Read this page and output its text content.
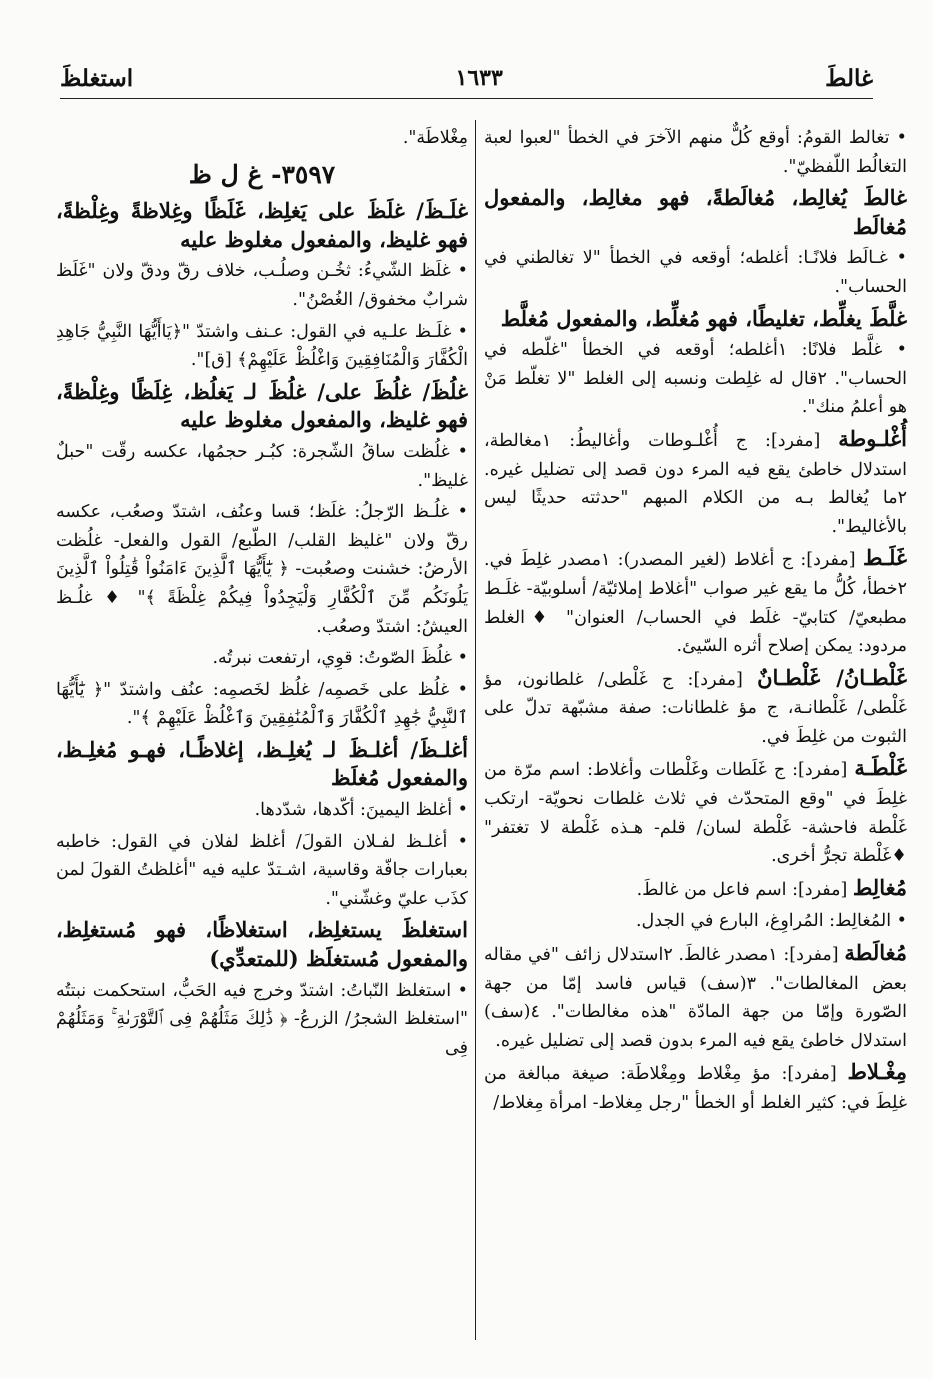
غالطَ
١٦٣٣
استغلظَ

• تغالط القومُ: أوقع كُلٌّ منهم الآخرَ في الخطأ "لعبوا لعبة التغالُط اللّفظيّ".

غالطَ يُغالِط، مُغالَطةً، فهو مغالِط، والمفعول مُغالَط

• غـالَط فلانًـا: أغلطه؛ أوقعه في الخطأ "لا تغالطني في الحساب".

غلَّطَ يغلِّط، تغليطًا، فهو مُغلِّط، والمفعول مُغلَّط

• غلَّط فلانًا: ١أغلطه؛ أوقعه في الخطأ "غلّطه في الحساب". ٢قال له غلِطت ونسبه إلى الغلط "لا تغلّط مَنْ هو أعلمُ منك".

أُغْلـوطة [مفرد]: ج أُغْلـوطات وأغاليطُ: ١مغالطة، استدلال خاطئ يقع فيه المرء دون قصد إلى تضليل غيره. ٢ما يُغالط بـه من الكلام المبهم "حدثته حديثًا ليس بالأغاليط".

غَلَـط [مفرد]: ج أغلاط (لغير المصدر): ١مصدر غلِطَ في. ٢خطأ، كُلُّ ما يقع غير صواب "أغلاط إملائيّة/ أسلوبيّة- غلَـط مطبعيّ/ كتابيّ- غلَط في الحساب/ العنوان" ♦الغلط مردود: يمكن إصلاح أثره السّيئ.

غَلْطـانُ/ غَلْطـانٌ [مفرد]: ج غَلْطى/ غلطانون، مؤ غَلْطى/ غَلْطانـة، ج مؤ غلطانات: صفة مشبّهة تدلّ على الثبوت من غلِطَ في.

غَلْطَـة [مفرد]: ج غَلَطات وغَلْطات وأغلاط: اسم مرّة من غلِطَ في "وقع المتحدّث في ثلاث غلطات نحويّة- ارتكب غَلْطة فاحشة- غَلْطة لسان/ قلم- هـذه غَلْطة لا تغتفر" ♦غَلْطة تجرُّ أخرى.

مُغالِط [مفرد]: اسم فاعل من غالطَ.

• المُغالِط: المُراوِغ، البارع في الجدل.

مُغالَطة [مفرد]: ١مصدر غالطَ. ٢استدلال زائف "في مقاله بعض المغالطات". ٣(سف) قياس فاسد إمّا من جهة الصّورة وإمّا من جهة المادّة "هذه مغالطات". ٤(سف) استدلال خاطئ يقع فيه المرء بدون قصد إلى تضليل غيره.

مِغْـلاط [مفرد]: مؤ مِغْلاط ومِغْلاطَة: صيغة مبالغة من غلِطَ في: كثير الغلط أو الخطأ "رجل مِغلاط- امرأة مِغلاط/

مِغْلاطَة".

٣٥٩٧- غ ل ظ

غلَـظَ/ غلَظَ على يَغلِظ، غَلَظًا وغِلاظةً وغِلْظةً، فهو غليظ، والمفعول مغلوظ عليه

• غلَظ الشّيءُ: ثخُـن وصلُـب، خلاف رقّ ودقّ ولان "غَلَظ شرابٌ مخفوق/ الغُصْنُ".

• غلَـظ علـيه في القول: عـنف واشتدّ "﴿يَاأَيُّهَا النَّبِيُّ جَاهِدِ الْكُفَّارَ وَالْمُنَافِقِينَ وَاغْلُظْ عَلَيْهِمْ﴾ [ق]".

غلُظَ/ غلُظَ على/ غلُظَ لـ يَغلُظ، غِلَظًا وغِلْظةً، فهو غليظ، والمفعول مغلوظ عليه

• غلُظت ساقُ الشّجرة: كبُـر حجمُها، عكسه رقّت "حبلٌ غليظ".

• غلُـظ الرّجلُ: غلَظ؛ قسا وعنُف، اشتدّ وصعُب، عكسه رقّ ولان "غليظ القلب/ الطّبع/ القول والفعل- غلُظت الأرضُ: خشنت وصعُبت- ﴿ يَٰٓأَيُّهَا ٱلَّذِينَ ءَامَنُواْ قَٰتِلُواْ ٱلَّذِينَ يَلُونَكُم مِّنَ ٱلْكُفَّارِ وَلْيَجِدُواْ فِيكُمْ غِلْظَةً ﴾" ♦ غلُـظ العيشُ: اشتدّ وصعُب.

• غلُظَ الصّوتُ: قوِي، ارتفعت نبرتُه.

• غلُظ على خَصمِه/ غلُظ لخَصمِه: عنُف واشتدّ "﴿ يَٰٓأَيُّهَا ٱلنَّبِيُّ جَٰهِدِ ٱلْكُفَّارَ وَٱلْمُنَٰفِقِينَ وَٱغْلُظْ عَلَيْهِمْ ﴾".

أغلـظَ/ أغلـظَ لـ يُغلِـظ، إغلاظًـا، فهـو مُغلِـظ، والمفعول مُغلَظ

• أغلظ اليمينَ: أكّدها، شدّدها.

• أغلـظ لفـلان القولَ/ أغلظ لفلان في القول: خاطبه بعبارات جافّة وقاسية، اشـتدّ عليه فيه "أغلظتُ القولَ لمن كذَب عليّ وغشّني".

استغلظَ يستغلِظ، استغلاظًا، فهو مُستغلِظ، والمفعول مُستغلَظ (للمتعدِّي)

• استغلظ النّباتُ: اشتدّ وخرج فيه الحَبُّ، استحكمت نبتتُه "استغلظ الشجرُ/ الزرعُ- ﴿ ذَٰلِكَ مَثَلُهُمْ فِى ٱلتَّوْرَىٰةِ ۚ وَمَثَلُهُمْ فِى
